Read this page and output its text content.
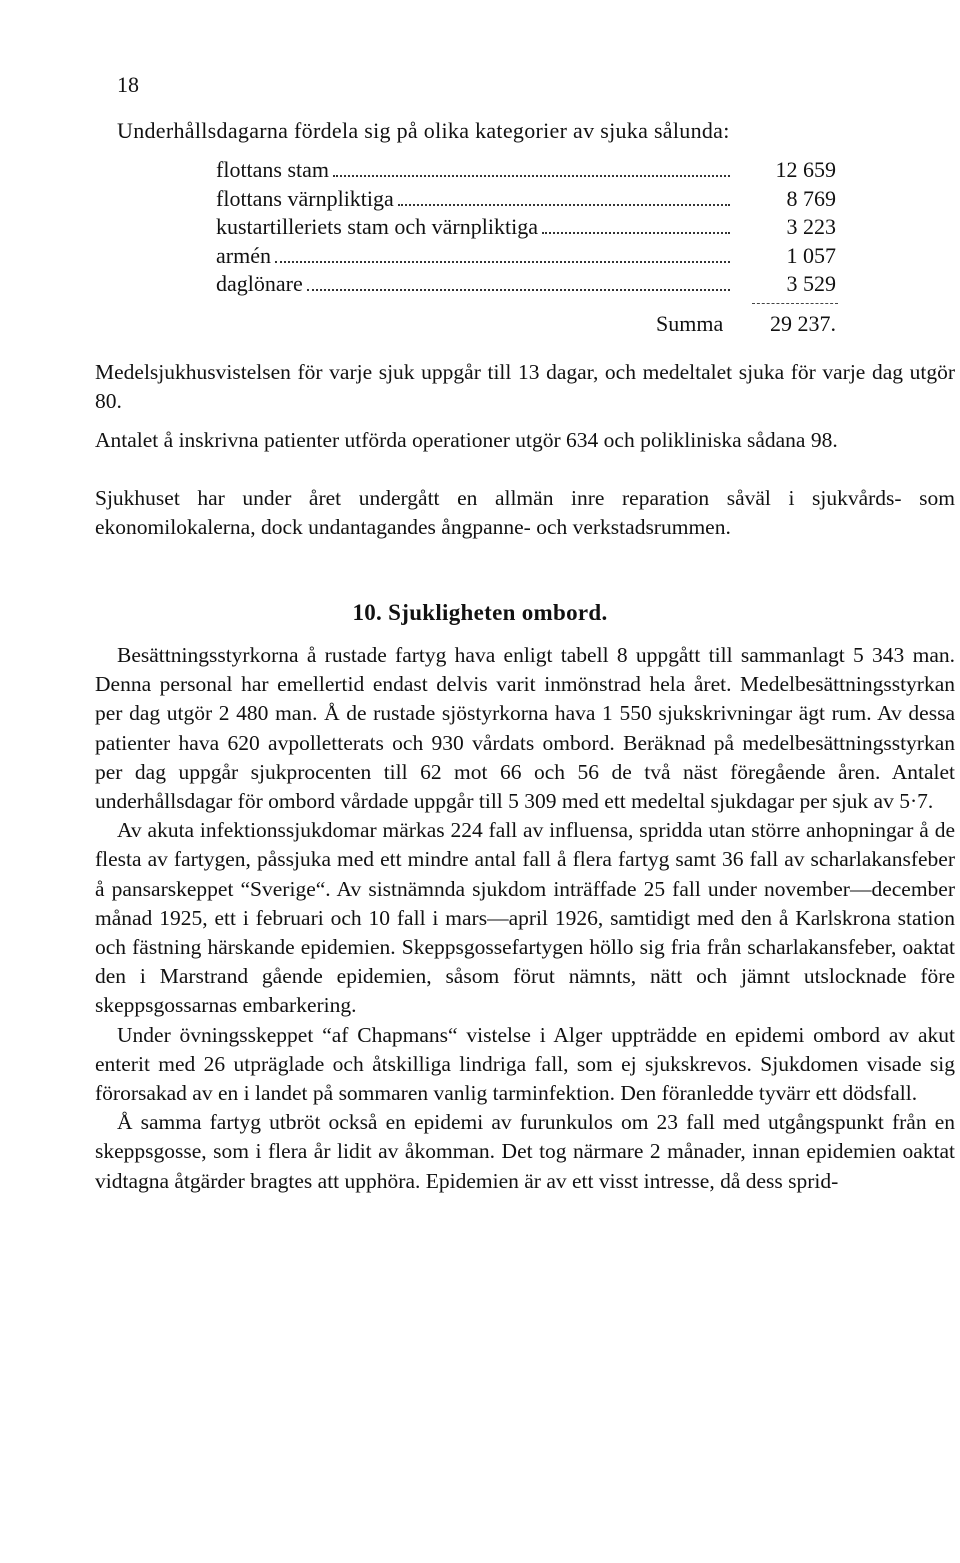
18
Underhållsdagarna fördela sig på olika kategorier av sjuka sålunda:
flottans stam	12 659
flottans värnpliktiga	8 769
kustartilleriets stam och värnpliktiga	3 223
armén	1 057
daglönare	3 529
Summa 29 237.
Medelsjukhusvistelsen för varje sjuk uppgår till 13 dagar, och medeltalet sjuka för varje dag utgör 80.
Antalet å inskrivna patienter utförda operationer utgör 634 och polikliniska sådana 98.
Sjukhuset har under året undergått en allmän inre reparation såväl i sjukvårds- som ekonomilokalerna, dock undantagandes ångpanne- och verkstadsrummen.
10. Sjukligheten ombord.

Besättningsstyrkorna å rustade fartyg hava enligt tabell 8 uppgått till sammanlagt 5 343 man. Denna personal har emellertid endast delvis varit inmönstrad hela året. Medelbesättningsstyrkan per dag utgör 2 480 man. Å de rustade sjöstyrkorna hava 1 550 sjukskrivningar ägt rum. Av dessa patienter hava 620 avpolletterats och 930 vårdats ombord. Beräknad på medelbesättningsstyrkan per dag uppgår sjukprocenten till 62 mot 66 och 56 de två näst föregående åren. Antalet underhållsdagar för ombord vårdade uppgår till 5 309 med ett medeltal sjukdagar per sjuk av 5·7.

Av akuta infektionssjukdomar märkas 224 fall av influensa, spridda utan större anhopningar å de flesta av fartygen, påssjuka med ett mindre antal fall å flera fartyg samt 36 fall av scharlakansfeber å pansarskeppet “Sverige“. Av sistnämnda sjukdom inträffade 25 fall under november—december månad 1925, ett i februari och 10 fall i mars—april 1926, samtidigt med den å Karlskrona station och fästning härskande epidemien. Skeppsgossefartygen höllo sig fria från scharlakansfeber, oaktat den i Marstrand gående epidemien, såsom förut nämnts, nätt och jämnt utslocknade före skeppsgossarnas embarkering.

Under övningsskeppet “af Chapmans“ vistelse i Alger uppträdde en epidemi ombord av akut enterit med 26 utpräglade och åtskilliga lindriga fall, som ej sjukskrevos. Sjukdomen visade sig förorsakad av en i landet på sommaren vanlig tarminfektion. Den föranledde tyvärr ett dödsfall.

Å samma fartyg utbröt också en epidemi av furunkulos om 23 fall med utgångspunkt från en skeppsgosse, som i flera år lidit av åkomman. Det tog närmare 2 månader, innan epidemien oaktat vidtagna åtgärder bragtes att upphöra. Epidemien är av ett visst intresse, då dess sprid-
